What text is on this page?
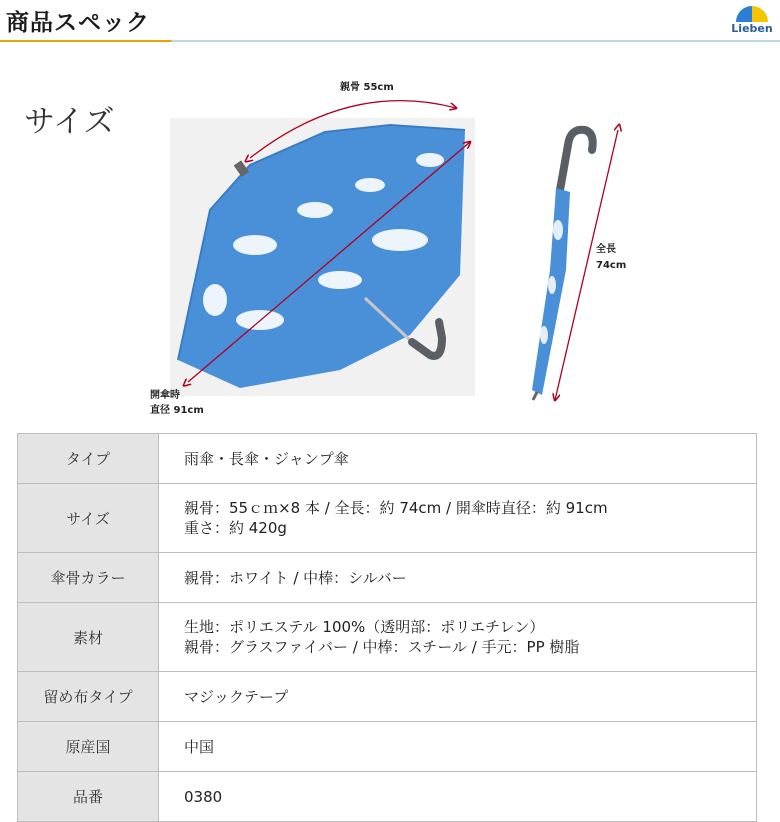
商品スペック	Lieben
サイズ
親骨 55cm
全長
74cm
開傘時
直径 91cm
タイプ	雨傘・長傘・ジャンプ傘

サイズ	親骨：55ｃｍ×8 本 / 全長：約 74cm / 開傘時直径：約 91cm
重さ：約 420g

傘骨カラー	親骨：ホワイト / 中棒：シルバー

素材	生地：ポリエステル 100%（透明部：ポリエチレン）
親骨：グラスファイバー / 中棒：スチール / 手元：PP 樹脂

留め布タイプ	マジックテープ

原産国	中国

品番	0380
